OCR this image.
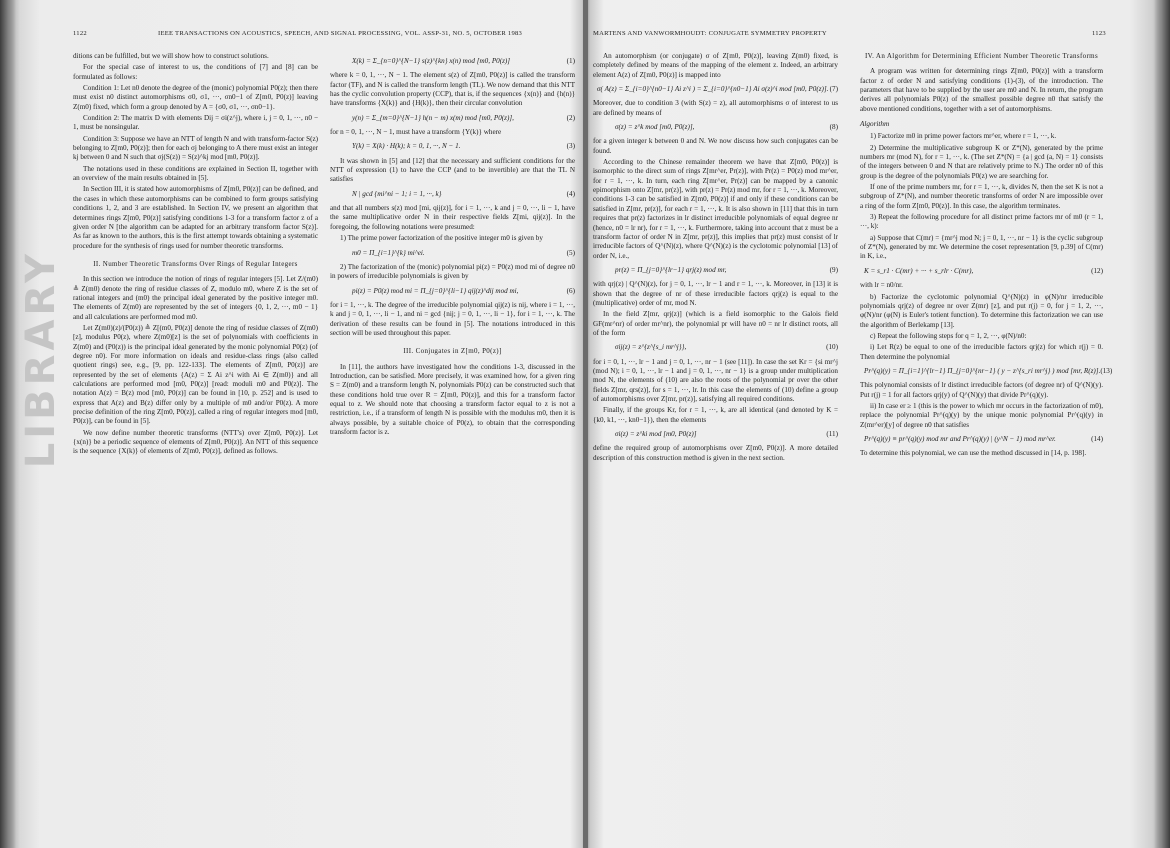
LIBRARY
1122	IEEE TRANSACTIONS ON ACOUSTICS, SPEECH, AND SIGNAL PROCESSING, VOL. ASSP-31, NO. 5, OCTOBER 1983

ditions can be fulfilled, but we will show how to construct solutions.

For the special case of interest to us, the conditions of [7] and [8] can be formulated as follows:

Condition 1: Let n0 denote the degree of the (monic) polynomial P0(z); then there must exist n0 distinct automorphisms σ0, σ1, ···, σn0−1 of Z[m0, P0(z)] leaving Z(m0) fixed, which form a group denoted by A = {σ0, σ1, ···, σn0−1}.

Condition 2: The matrix D with elements Dij = σi(z^j), where i, j = 0, 1, ···, n0 − 1, must be nonsingular.

Condition 3: Suppose we have an NTT of length N and with transform-factor S(z) belonging to Z[m0, P0(z)]; then for each σj belonging to A there must exist an integer kj between 0 and N such that σj(S(z)) = S(z)^kj mod [m0, P0(z)].

The notations used in these conditions are explained in Section II, together with an overview of the main results obtained in [5].

In Section III, it is stated how automorphisms of Z[m0, P0(z)] can be defined, and the cases in which these automorphisms can be combined to form groups satisfying conditions 1, 2, and 3 are established. In Section IV, we present an algorithm that determines rings Z[m0, P0(z)] satisfying conditions 1-3 for a transform factor z of a given order N [the algorithm can be adapted for an arbitrary transform factor S(z)]. As far as known to the authors, this is the first attempt towards obtaining a systematic procedure for the synthesis of rings used for number theoretic transforms.

II. Number Theoretic Transforms Over Rings of Regular Integers

In this section we introduce the notion of rings of regular integers [5]. Let Z/(m0) ≜ Z(m0) denote the ring of residue classes of Z, modulo m0, where Z is the set of rational integers and (m0) the principal ideal generated by the positive integer m0. The elements of Z(m0) are represented by the set of integers {0, 1, 2, ···, m0 − 1} and all calculations are performed mod m0.

Let Z(m0)(z)/(P0(z)) ≜ Z[(m0, P0(z)] denote the ring of residue classes of Z(m0)[z], modulus P0(z), where Z(m0)[z] is the set of polynomials with coefficients in Z(m0) and (P0(z)) is the principal ideal generated by the monic polynomial P0(z) (of degree n0). For more information on ideals and residue-class rings (also called quotient rings) see, e.g., [9, pp. 122-133]. The elements of Z[m0, P0(z)] are represented by the set of elements {A(z) = Σ Ai z^i with Ai ∈ Z(m0)} and all calculations are performed mod [m0, P0(z)] [read: moduli m0 and P0(z)]. The notation A(z) = B(z) mod [m0, P0(z)] can be found in [10, p. 252] and is used to express that A(z) and B(z) differ only by a multiple of m0 and/or P0(z). A more precise definition of the ring Z[m0, P0(z)], called a ring of regular integers mod [m0, P0(z)], can be found in [5].

We now define number theoretic transforms (NTT's) over Z[m0, P0(z)]. Let {x(n)} be a periodic sequence of elements of Z[m0, P0(z)]. An NTT of this sequence is the sequence {X(k)} of elements of Z[m0, P0(z)], defined as follows.

X(k) = Σ_{n=0}^{N−1} s(z)^{kn} x(n) mod [m0, P0(z)]	(1)

where k = 0, 1, ···, N − 1. The element s(z) of Z[m0, P0(z)] is called the transform factor (TF), and N is called the transform length (TL). We now demand that this NTT has the cyclic convolution property (CCP), that is, if the sequences {x(n)} and {h(n)} have transforms {X(k)} and {H(k)}, then their circular convolution

y(n) = Σ_{m=0}^{N−1} h(n − m) x(m) mod [m0, P0(z)],	(2)

for n = 0, 1, ···, N − 1, must have a transform {Y(k)} where

Y(k) = X(k) · H(k); k = 0, 1, ···, N − 1.	(3)

It was shown in [5] and [12] that the necessary and sufficient conditions for the NTT of expression (1) to have the CCP (and to be invertible) are that the TL N satisfies

N | gcd {mi^ni − 1; i = 1, ···, k}	(4)

and that all numbers s(z) mod [mi, qij(z)], for i = 1, ···, k and j = 0, ···, li − 1, have the same multiplicative order N in their respective fields Z[mi, qij(z)]. In the foregoing, the following notations were presumed:

1) The prime power factorization of the positive integer m0 is given by

m0 = Π_{i=1}^{k} mi^ei.	(5)

2) The factorization of the (monic) polynomial pi(z) = P0(z) mod mi of degree n0 in powers of irreducible polynomials is given by

pi(z) = P0(z) mod mi = Π_{j=0}^{li−1} qij(z)^dij mod mi,	(6)

for i = 1, ···, k. The degree of the irreducible polynomial qij(z) is nij, where i = 1, ···, k and j = 0, 1, ···, li − 1, and ni = gcd {nij; j = 0, 1, ···, li − 1}, for i = 1, ···, k. The derivation of these results can be found in [5]. The notations introduced in this section will be used throughout this paper.

III. Conjugates in Z[m0, P0(z)]

In [11], the authors have investigated how the conditions 1-3, discussed in the Introduction, can be satisfied. More precisely, it was examined how, for a given ring S = Z(m0) and a transform length N, polynomials P0(z) can be constructed such that these conditions hold true over R = Z[m0, P0(z)], and this for a transform factor equal to z. We should note that choosing a transform factor equal to z is not a restriction, i.e., if a transform of length N is possible with the modulus m0, then it is always possible, by a suitable choice of P0(z), to obtain that the corresponding transform factor is z.

MARTENS AND VANWORMHOUDT: CONJUGATE SYMMETRY PROPERTY	1123

An automorphism (or conjugate) σ of Z[m0, P0(z)], leaving Z(m0) fixed, is completely defined by means of the mapping of the element z. Indeed, an arbitrary element A(z) of Z[m0, P0(z)] is mapped into

σ( A(z) = Σ_{i=0}^{n0−1} Ai z^i ) = Σ_{i=0}^{n0−1} Ai σ(z)^i mod [m0, P0(z)]. (7)

Moreover, due to condition 3 (with S(z) = z), all automorphisms σ of interest to us are defined by means of

σ(z) = z^k mod [m0, P0(z)],	(8)

for a given integer k between 0 and N. We now discuss how such conjugates can be found.

According to the Chinese remainder theorem we have that Z[m0, P0(z)] is isomorphic to the direct sum of rings Z[mr^er, Pr(z)], with Pr(z) = P0(z) mod mr^er, for r = 1, ···, k. In turn, each ring Z[mr^er, Pr(z)] can be mapped by a canonic epimorphism onto Z[mr, pr(z)], with pr(z) = Pr(z) mod mr, for r = 1, ···, k. Moreover, conditions 1-3 can be satisfied in Z[m0, P0(z)] if and only if these conditions can be satisfied in Z[mr, pr(z)], for each r = 1, ···, k. It is also shown in [11] that this in turn requires that pr(z) factorizes in lr distinct irreducible polynomials of equal degree nr (hence, n0 = lr nr), for r = 1, ···, k. Furthermore, taking into account that z must be a transform factor of order N in Z[mr, pr(z)], this implies that pr(z) must consist of lr irreducible factors of Q^(N)(z), where Q^(N)(z) is the cyclotomic polynomial [13] of order N, i.e.,

pr(z) = Π_{j=0}^{lr−1} qrj(z) mod mr,	(9)

with qrj(z) | Q^(N)(z), for j = 0, 1, ···, lr − 1 and r = 1, ···, k. Moreover, in [13] it is shown that the degree of nr of these irreducible factors qrj(z) is equal to the (multiplicative) order of mr, mod N.

In the field Z[mr, qrj(z)] (which is a field isomorphic to the Galois field GF(mr^nr) of order mr^nr), the polynomial pr will have n0 = nr lr distinct roots, all of the form

σij(z) = z^{z^{s_i mr^j}},	(10)

for i = 0, 1, ···, lr − 1 and j = 0, 1, ···, nr − 1 (see [11]). In case the set Kr = {si mr^j (mod N); i = 0, 1, ···, lr − 1 and j = 0, 1, ···, nr − 1} is a group under multiplication mod N, the elements of (10) are also the roots of the polynomial pr over the other fields Z[mr, qrs(z)], for s = 1, ···, lr. In this case the elements of (10) define a group of automorphisms over Z[mr, pr(z)], satisfying all required conditions.

Finally, if the groups Kr, for r = 1, ···, k, are all identical (and denoted by K = {k0, k1, ···, kn0−1}), then the elements

σi(z) = z^ki mod [m0, P0(z)]	(11)

define the required group of automorphisms over Z[m0, P0(z)]. A more detailed description of this construction method is given in the next section.

IV. An Algorithm for Determining Efficient Number Theoretic Transforms

A program was written for determining rings Z[m0, P0(z)] with a transform factor z of order N and satisfying conditions (1)-(3), of the introduction. The parameters that have to be supplied by the user are m0 and N. In return, the program derives all polynomials P0(z) of the smallest possible degree n0 that satisfy the above mentioned conditions, together with a set of automorphisms.

Algorithm

1) Factorize m0 in prime power factors mr^er, where r = 1, ···, k.

2) Determine the multiplicative subgroup K or Z*(N), generated by the prime numbers mr (mod N), for r = 1, ···, k. (The set Z*(N) = {a | gcd (a, N) = 1} consists of the integers between 0 and N that are relatively prime to N.) The order n0 of this group is the degree of the polynomials P0(z) we are searching for.

If one of the prime numbers mr, for r = 1, ···, k, divides N, then the set K is not a subgroup of Z*(N), and number theoretic transforms of order N are impossible over a ring of the form Z[m0, P0(z)]. In this case, the algorithm terminates.

3) Repeat the following procedure for all distinct prime factors mr of m0 (r = 1, ···, k):

a) Suppose that C(mr) = {mr^j mod N; j = 0, 1, ···, nr − 1} is the cyclic subgroup of Z*(N), generated by mr. We determine the coset representation [9, p.39] of C(mr) in K, i.e.,

K = s_r1 · C(mr) + ··· + s_rlr · C(mr),	(12)

with lr = n0/nr.

b) Factorize the cyclotomic polynomial Q^(N)(z) in φ(N)/nr irreducible polynomials qrj(z) of degree nr over Z(mr) [z], and put r(j) = 0, for j = 1, 2, ···, φ(N)/nr (φ(N) is Euler's totient function). To determine this factorization we can use the algorithm of Berlekamp [13].

c) Repeat the following steps for q = 1, 2, ···, φ(N)/n0:

i) Let R(z) be equal to one of the irreducible factors qrj(z) for which r(j) = 0. Then determine the polynomial

Pr^(q)(y) = Π_{i=1}^{lr−1} Π_{j=0}^{nr−1} ( y − z^{s_ri mr^j} ) mod [mr, R(z)]. (13)

This polynomial consists of lr distinct irreducible factors (of degree nr) of Q^(N)(y). Put r(j) = 1 for all factors qrj(y) of Q^(N)(y) that divide Pr^(q)(y).

ii) In case er ≥ 1 (this is the power to which mr occurs in the factorization of m0), replace the polynomial Pr^(q)(y) by the unique monic polynomial Pr^(q)(y) in Z(mr^er)[y] of degree n0 that satisfies

Pr^(q)(y) ≡ pr^(q)(y) mod mr and Pr^(q)(y) | (y^N − 1) mod mr^er.	(14)

To determine this polynomial, we can use the method discussed in [14, p. 198].
